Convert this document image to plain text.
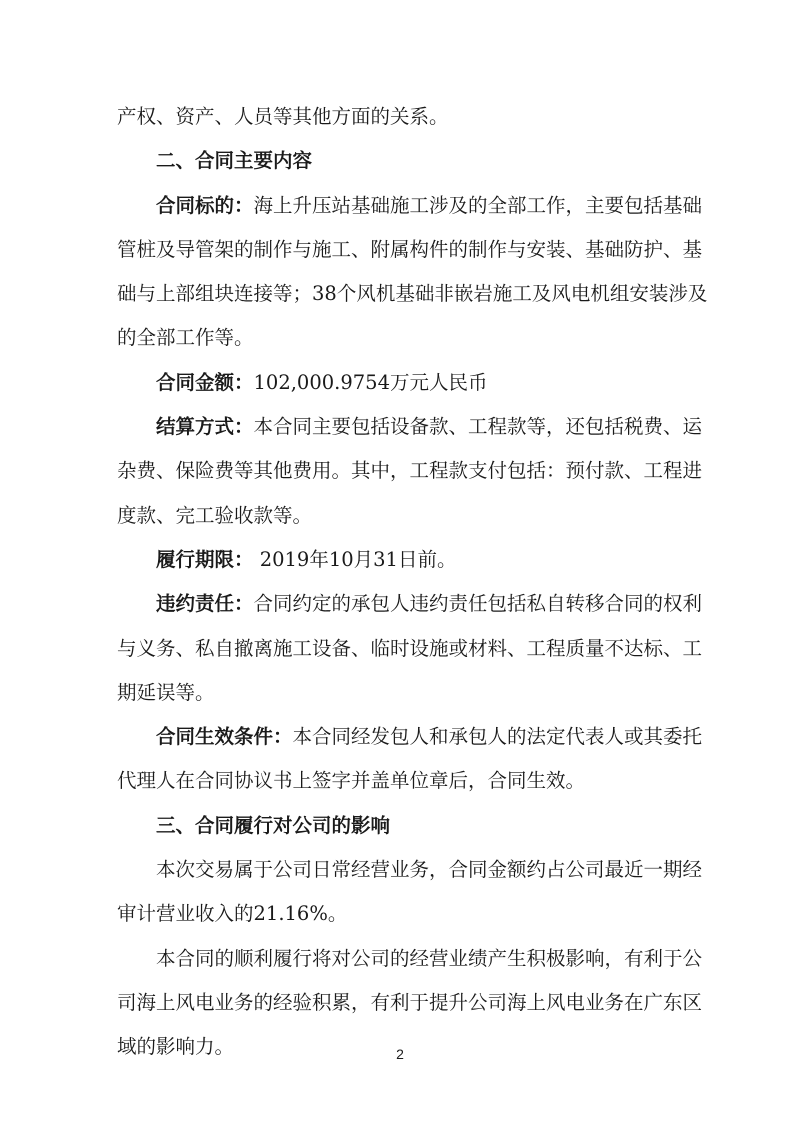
产权、资产、人员等其他方面的关系。
二、合同主要内容
合同标的：海上升压站基础施工涉及的全部工作，主要包括基础
管桩及导管架的制作与施工、附属构件的制作与安装、基础防护、基
础与上部组块连接等；38个风机基础非嵌岩施工及风电机组安装涉及
的全部工作等。
合同金额：102,000.9754万元人民币
结算方式：本合同主要包括设备款、工程款等，还包括税费、运
杂费、保险费等其他费用。其中，工程款支付包括：预付款、工程进
度款、完工验收款等。
履行期限： 2019年10月31日前。
违约责任：合同约定的承包人违约责任包括私自转移合同的权利
与义务、私自撤离施工设备、临时设施或材料、工程质量不达标、工
期延误等。
合同生效条件：本合同经发包人和承包人的法定代表人或其委托
代理人在合同协议书上签字并盖单位章后，合同生效。
三、合同履行对公司的影响
本次交易属于公司日常经营业务，合同金额约占公司最近一期经
审计营业收入的21.16%。
本合同的顺利履行将对公司的经营业绩产生积极影响，有利于公
司海上风电业务的经验积累，有利于提升公司海上风电业务在广东区
域的影响力。	2
